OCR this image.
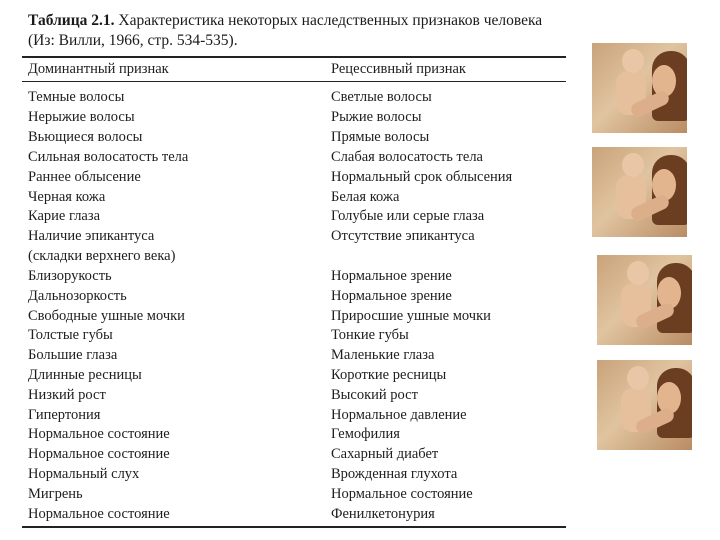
Таблица 2.1. Характеристика некоторых наследственных признаков человека (Из: Вилли, 1966, стр. 534-535).
Доминантный признак	Рецессивный признак
Темные волосы	Светлые волосы
Нерыжие волосы	Рыжие волосы
Вьющиеся волосы	Прямые волосы
Сильная волосатость тела	Слабая волосатость тела
Раннее облысение	Нормальный срок облысения
Черная кожа	Белая кожа
Карие глаза	Голубые или серые глаза
Наличие эпикантуса	Отсутствие эпикантуса
(складки верхнего века)
Близорукость	Нормальное зрение
Дальнозоркость	Нормальное зрение
Свободные ушные мочки	Приросшие ушные мочки
Толстые губы	Тонкие губы
Большие глаза	Маленькие глаза
Длинные ресницы	Короткие ресницы
Низкий рост	Высокий рост
Гипертония	Нормальное давление
Нормальное состояние	Гемофилия
Нормальное состояние	Сахарный диабет
Нормальный слух	Врожденная глухота
Мигрень	Нормальное состояние
Нормальное состояние	Фенилкетонурия
